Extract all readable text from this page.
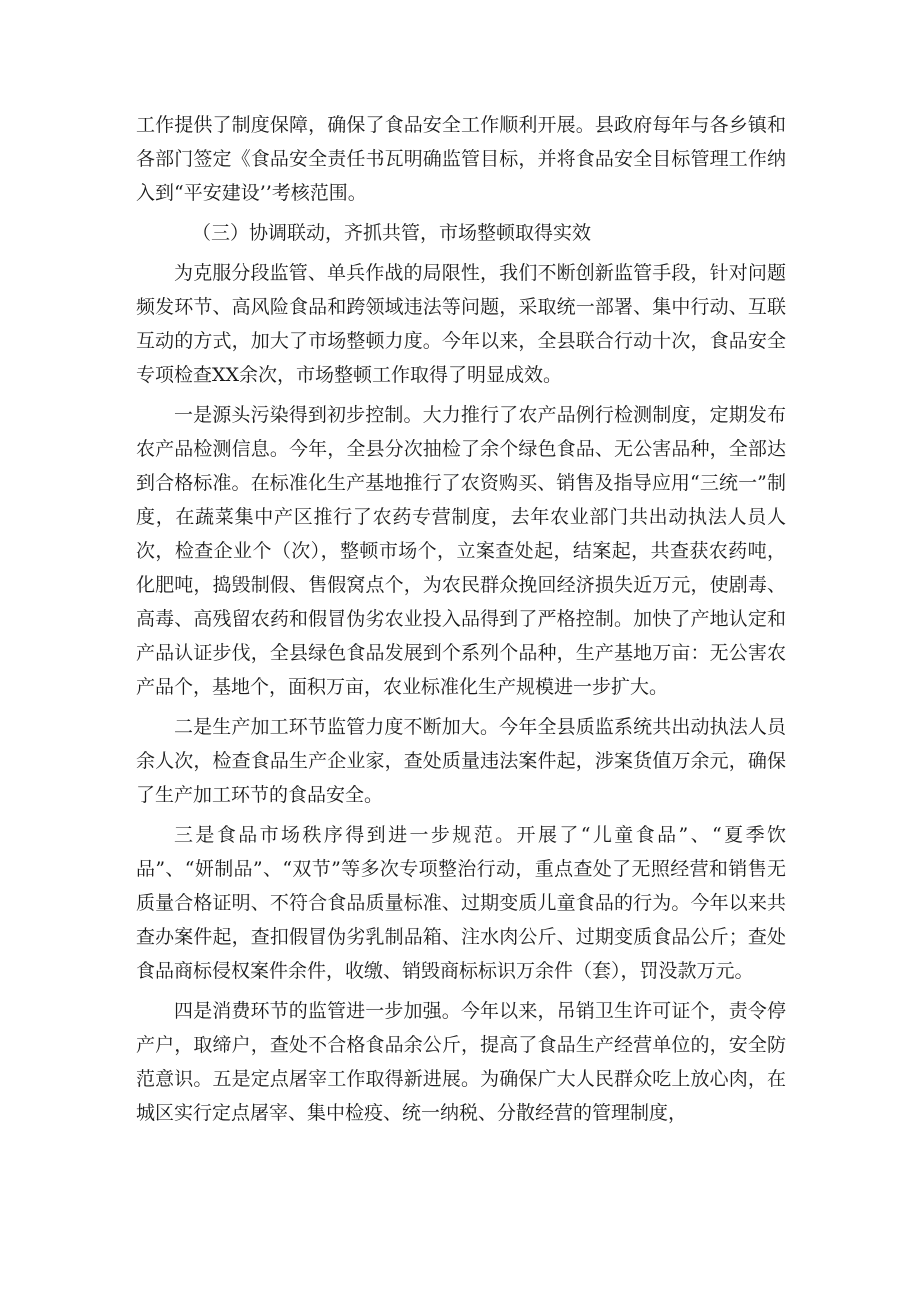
工作提供了制度保障，确保了食品安全工作顺利开展。县政府每年与各乡镇和各部门签定《食品安全责任书瓦明确监管目标，并将食品安全目标管理工作纳入到“平安建设’’考核范围。

（三）协调联动，齐抓共管，市场整顿取得实效

为克服分段监管、单兵作战的局限性，我们不断创新监管手段，针对问题频发环节、高风险食品和跨领域违法等问题，采取统一部署、集中行动、互联互动的方式，加大了市场整顿力度。今年以来，全县联合行动十次，食品安全专项检查XX余次，市场整顿工作取得了明显成效。

一是源头污染得到初步控制。大力推行了农产品例行检测制度，定期发布农产品检测信息。今年，全县分次抽检了余个绿色食品、无公害品种，全部达到合格标准。在标准化生产基地推行了农资购买、销售及指导应用“三统一”制度，在蔬菜集中产区推行了农药专营制度，去年农业部门共出动执法人员人次，检查企业个（次），整顿市场个，立案查处起，结案起，共查获农药吨，化肥吨，捣毁制假、售假窝点个，为农民群众挽回经济损失近万元，使剧毒、高毒、高残留农药和假冒伪劣农业投入品得到了严格控制。加快了产地认定和产品认证步伐，全县绿色食品发展到个系列个品种，生产基地万亩：无公害农产品个，基地个，面积万亩，农业标准化生产规模进一步扩大。

二是生产加工环节监管力度不断加大。今年全县质监系统共出动执法人员余人次，检查食品生产企业家，查处质量违法案件起，涉案货值万余元，确保了生产加工环节的食品安全。

三是食品市场秩序得到进一步规范。开展了“儿童食品”、“夏季饮品”、“妍制品”、“双节”等多次专项整治行动，重点查处了无照经营和销售无质量合格证明、不符合食品质量标准、过期变质儿童食品的行为。今年以来共查办案件起，查扣假冒伪劣乳制品箱、注水肉公斤、过期变质食品公斤；查处食品商标侵权案件余件，收缴、销毁商标标识万余件（套），罚没款万元。

四是消费环节的监管进一步加强。今年以来，吊销卫生许可证个，责令停产户，取缔户，查处不合格食品余公斤，提高了食品生产经营单位的，安全防范意识。五是定点屠宰工作取得新进展。为确保广大人民群众吃上放心肉，在城区实行定点屠宰、集中检疫、统一纳税、分散经营的管理制度，
